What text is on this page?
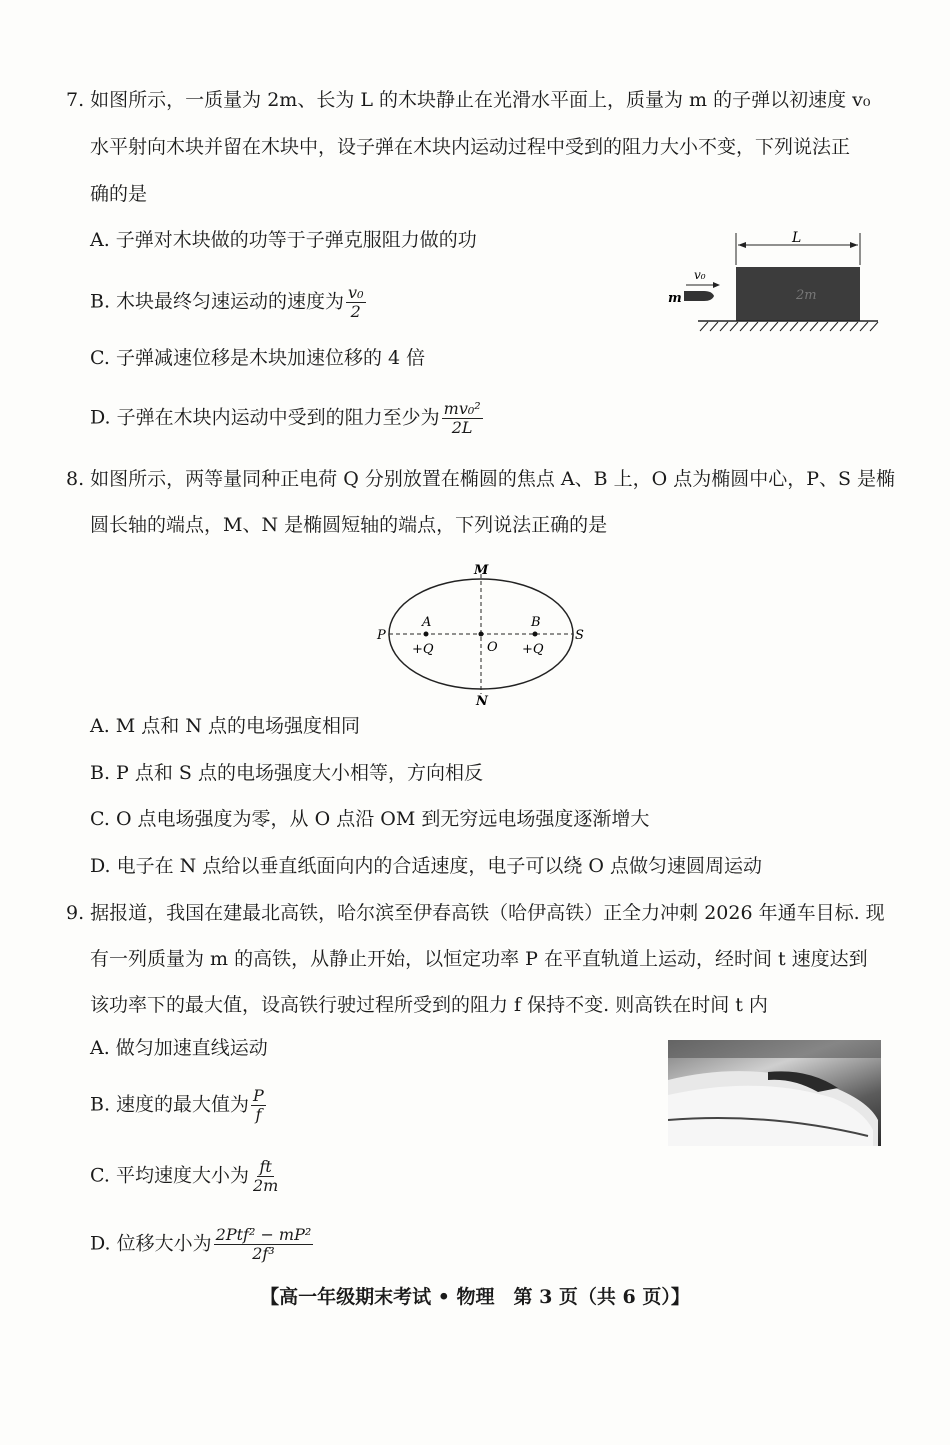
7. 如图所示，一质量为 2m、长为 L 的木块静止在光滑水平面上，质量为 m 的子弹以初速度 v₀
水平射向木块并留在木块中，设子弹在木块内运动过程中受到的阻力大小不变，下列说法正
确的是
A. 子弹对木块做的功等于子弹克服阻力做的功
B. 木块最终匀速运动的速度为 $\frac{\text{v₀}}{2}$
C. 子弹减速位移是木块加速位移的 4 倍
D. 子弹在木块内运动中受到的阻力至少为 $\frac{\text{mv₀²}}{2L}$
L
2m
v₀
m
8. 如图所示，两等量同种正电荷 Q 分别放置在椭圆的焦点 A、B 上，O 点为椭圆中心，P、S 是椭
圆长轴的端点，M、N 是椭圆短轴的端点，下列说法正确的是
M
N
P	S
A	B
O
+Q	+Q
A. M 点和 N 点的电场强度相同
B. P 点和 S 点的电场强度大小相等，方向相反
C. O 点电场强度为零，从 O 点沿 OM 到无穷远电场强度逐渐增大
D. 电子在 N 点给以垂直纸面向内的合适速度，电子可以绕 O 点做匀速圆周运动
9. 据报道，我国在建最北高铁，哈尔滨至伊春高铁（哈伊高铁）正全力冲刺 2026 年通车目标. 现
有一列质量为 m 的高铁，从静止开始，以恒定功率 P 在平直轨道上运动，经时间 t 速度达到
该功率下的最大值，设高铁行驶过程所受到的阻力 f 保持不变. 则高铁在时间 t 内
A. 做匀加速直线运动
B. 速度的最大值为 $\frac{P}{f}$
C. 平均速度大小为 $\frac{ft}{2m}$
D. 位移大小为 $\frac{\text{2Ptf² − mP²}}{\text{2f³}}$
【高一年级期末考试 • 物理　第 3 页（共 6 页）】
